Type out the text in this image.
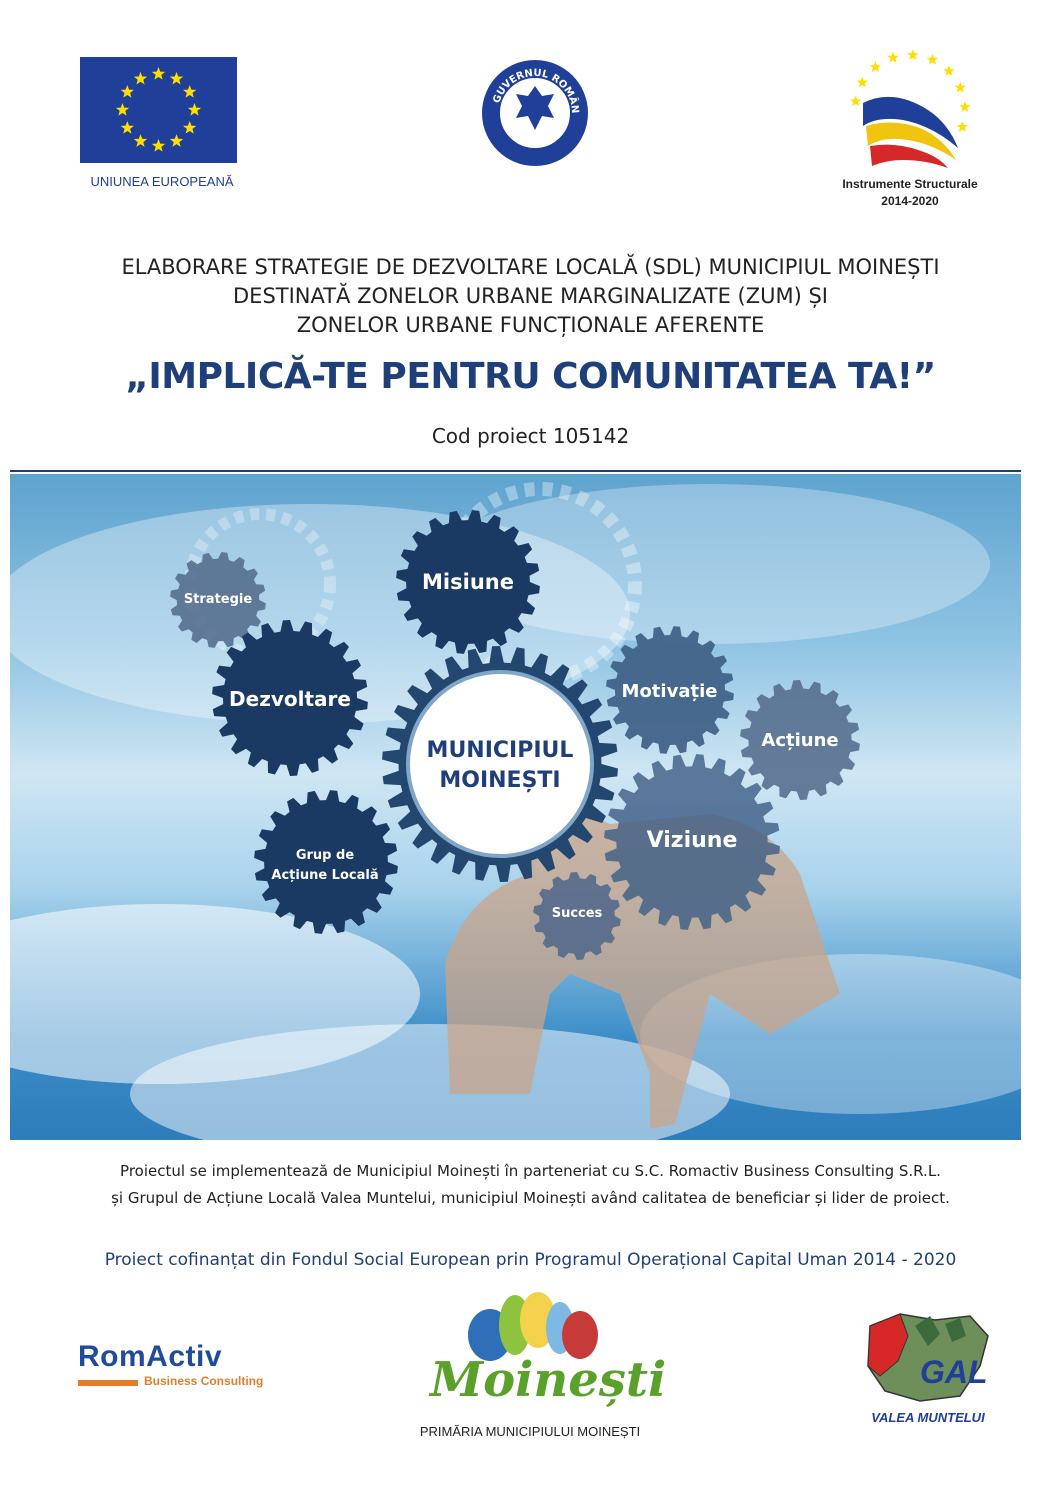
UNIUNEA EUROPEANĂ
GUVERNUL ROMÂN
Instrumente Structurale
2014-2020
ELABORARE STRATEGIE DE DEZVOLTARE LOCALĂ (SDL) MUNICIPIUL MOINEȘTI
DESTINATĂ ZONELOR URBANE MARGINALIZATE (ZUM) ȘI
ZONELOR URBANE FUNCȚIONALE AFERENTE
„IMPLICĂ-TE PENTRU COMUNITATEA TA!”
Cod proiect 105142
Strategie
Misiune
Dezvoltare	Motivație
Acțiune
MUNICIPIUL
MOINEȘTI
Viziune
Grup de
Acțiune Locală
Succes
Proiectul se implementează de Municipiul Moinești în parteneriat cu S.C. Romactiv Business Consulting S.R.L.
și Grupul de Acțiune Locală Valea Muntelui, municipiul Moinești având calitatea de beneficiar și lider de proiect.
Proiect cofinanțat din Fondul Social European prin Programul Operațional Capital Uman 2014 - 2020
RomActiv
Business Consulting	Moinești
PRIMĂRIA MUNICIPIULUI MOINEȘTI
GAL
VALEA MUNTELUI
